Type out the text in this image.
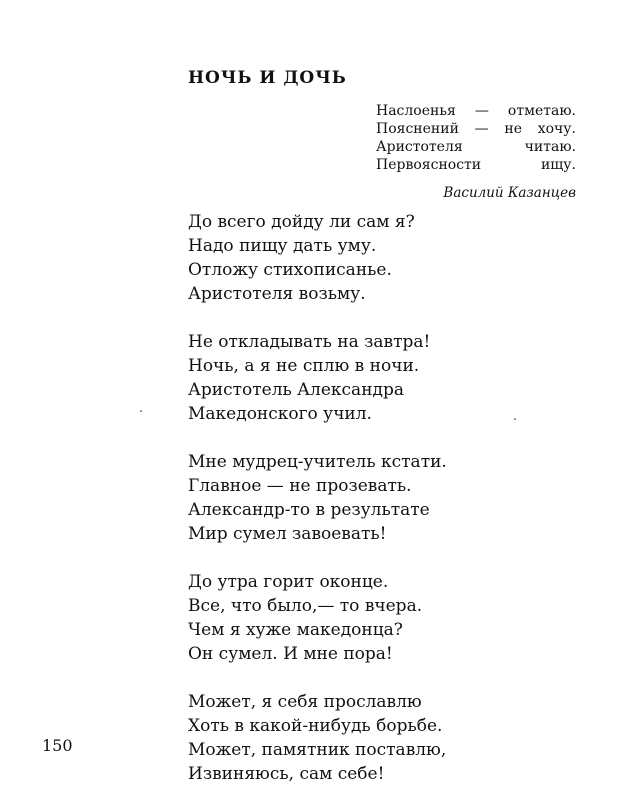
НОЧЬ И ДОЧЬ
Наслоенья — отметаю.
Пояснений — не хочу.
Аристотеля читаю.
Первоясности ищу.
Василий Казанцев
До всего дойду ли сам я?
Надо пищу дать уму.
Отложу стихописанье.
Аристотеля возьму.
Не откладывать на завтра!
Ночь, а я не сплю в ночи.
Аристотель Александра
Македонского учил.
Мне мудрец-учитель кстати.
Главное — не прозевать.
Александр-то в результате
Мир сумел завоевать!
До утра горит оконце.
Все, что было,— то вчера.
Чем я хуже македонца?
Он сумел. И мне пора!
Может, я себя прославлю
Хоть в какой-нибудь борьбе.
Может, памятник поставлю,
Извиняюсь, сам себе!
150
